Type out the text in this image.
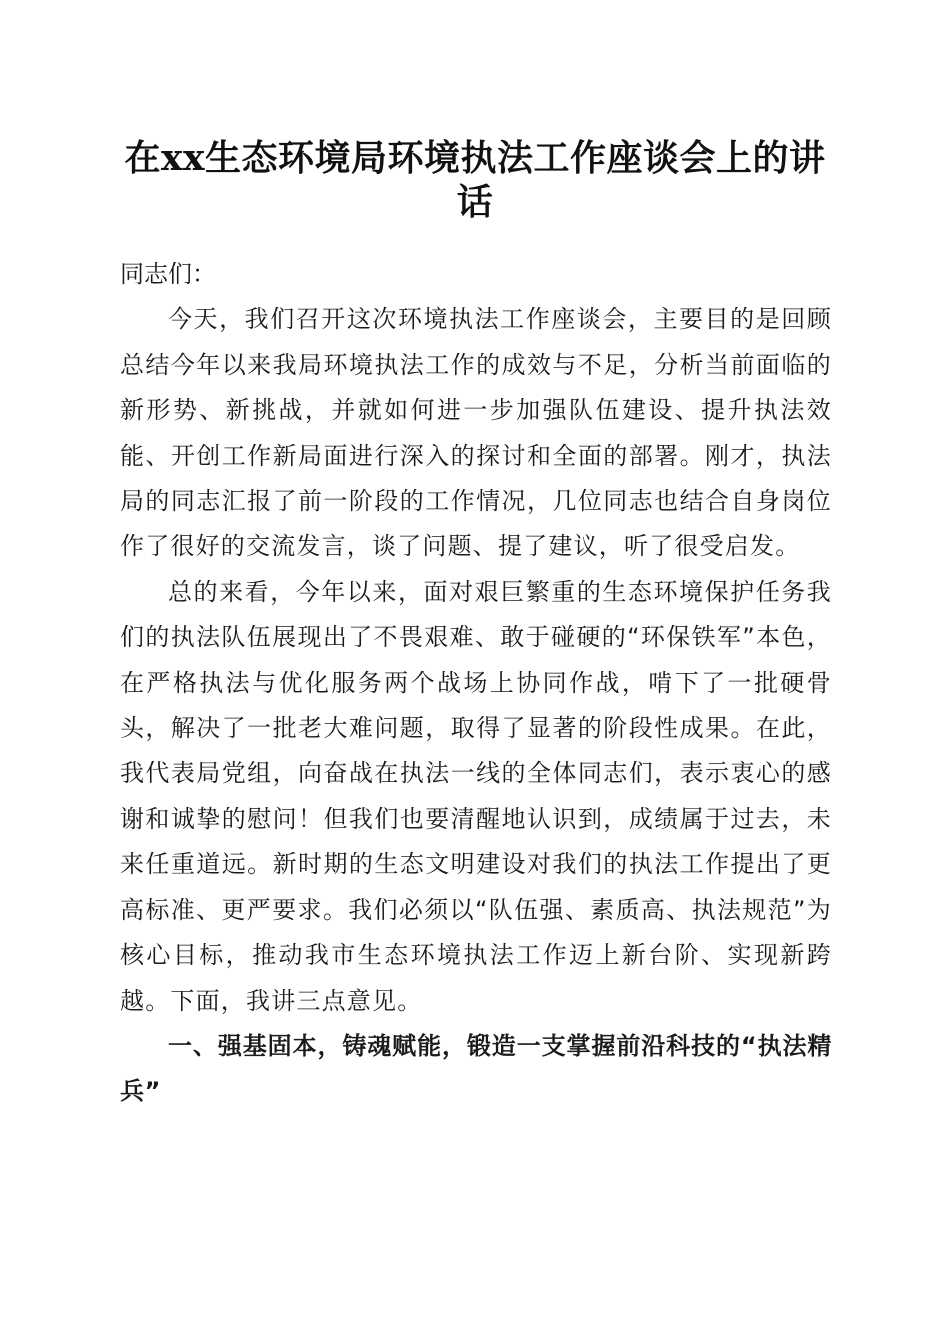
在xx生态环境局环境执法工作座谈会上的讲话

同志们：

今天，我们召开这次环境执法工作座谈会，主要目的是回顾总结今年以来我局环境执法工作的成效与不足，分析当前面临的新形势、新挑战，并就如何进一步加强队伍建设、提升执法效能、开创工作新局面进行深入的探讨和全面的部署。刚才，执法局的同志汇报了前一阶段的工作情况，几位同志也结合自身岗位作了很好的交流发言，谈了问题、提了建议，听了很受启发。

总的来看，今年以来，面对艰巨繁重的生态环境保护任务我们的执法队伍展现出了不畏艰难、敢于碰硬的“环保铁军”本色，在严格执法与优化服务两个战场上协同作战，啃下了一批硬骨头，解决了一批老大难问题，取得了显著的阶段性成果。在此，我代表局党组，向奋战在执法一线的全体同志们，表示衷心的感谢和诚挚的慰问！但我们也要清醒地认识到，成绩属于过去，未来任重道远。新时期的生态文明建设对我们的执法工作提出了更高标准、更严要求。我们必须以“队伍强、素质高、执法规范”为核心目标，推动我市生态环境执法工作迈上新台阶、实现新跨越。下面，我讲三点意见。

一、强基固本，铸魂赋能，锻造一支掌握前沿科技的“执法精兵”
